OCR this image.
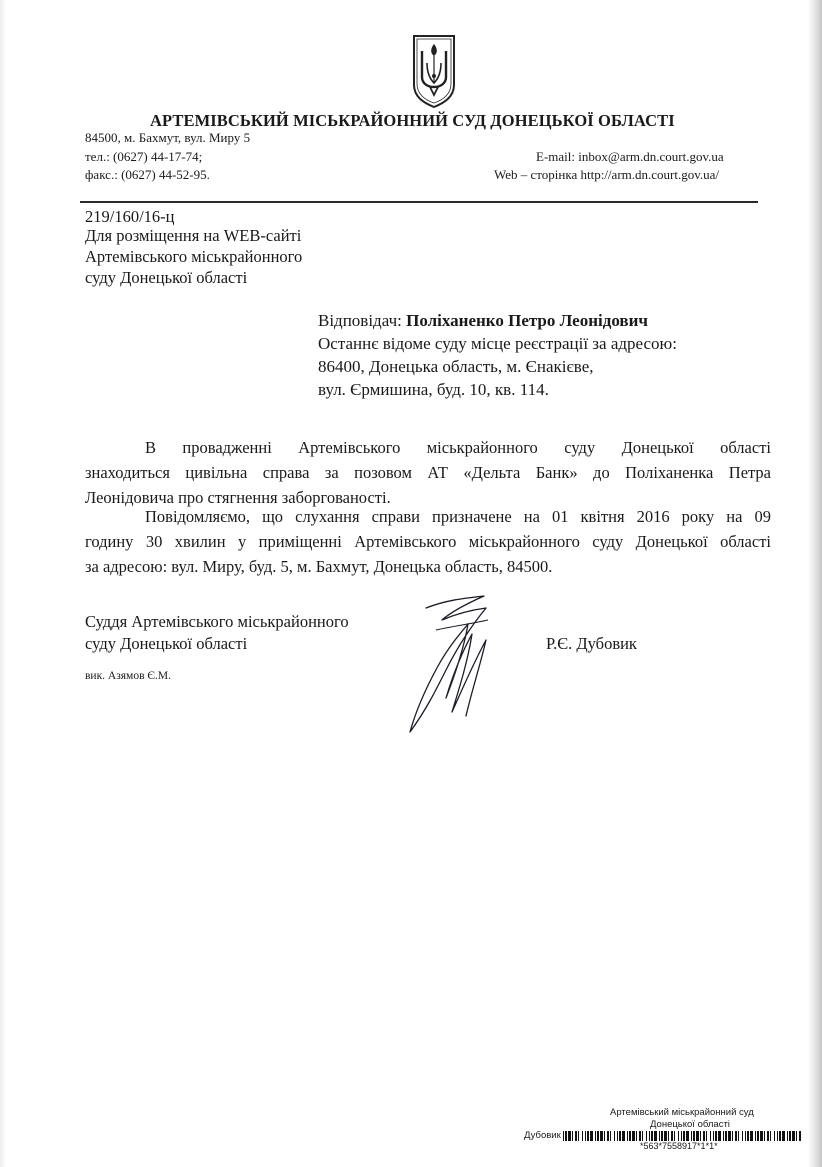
АРТЕМІВСЬКИЙ МІСЬКРАЙОННИЙ СУД ДОНЕЦЬКОЇ ОБЛАСТІ
84500, м. Бахмут, вул. Миру 5
тел.: (0627) 44-17-74;
факс.: (0627) 44-52-95.
E-mail: inbox@arm.dn.court.gov.ua
Web – сторінка http://arm.dn.court.gov.ua/
219/160/16-ц
Для розміщення на WEB-сайті
Артемівського міськрайонного
суду Донецької області
Відповідач: Поліханенко Петро Леонідович
Останнє відоме суду місце реєстрації за адресою:
86400, Донецька область, м. Єнакієве,
вул. Єрмишина, буд. 10, кв. 114.
В провадженні Артемівського міськрайонного суду Донецької області
знаходиться цивільна справа за позовом АТ «Дельта Банк» до Поліханенка Петра
Леонідовича про стягнення заборгованості.
Повідомляємо, що слухання справи призначене на 01 квітня 2016 року на 09
годину 30 хвилин у приміщенні Артемівського міськрайонного суду Донецької області
за адресою: вул. Миру, буд. 5, м. Бахмут, Донецька область, 84500.
Суддя Артемівського міськрайонного
суду Донецької області	Р.Є. Дубовик
вик. Азямов Є.М.
Артемівський міськрайонний суд
Донецької області
Дубовик
*563*7558917*1*1*
